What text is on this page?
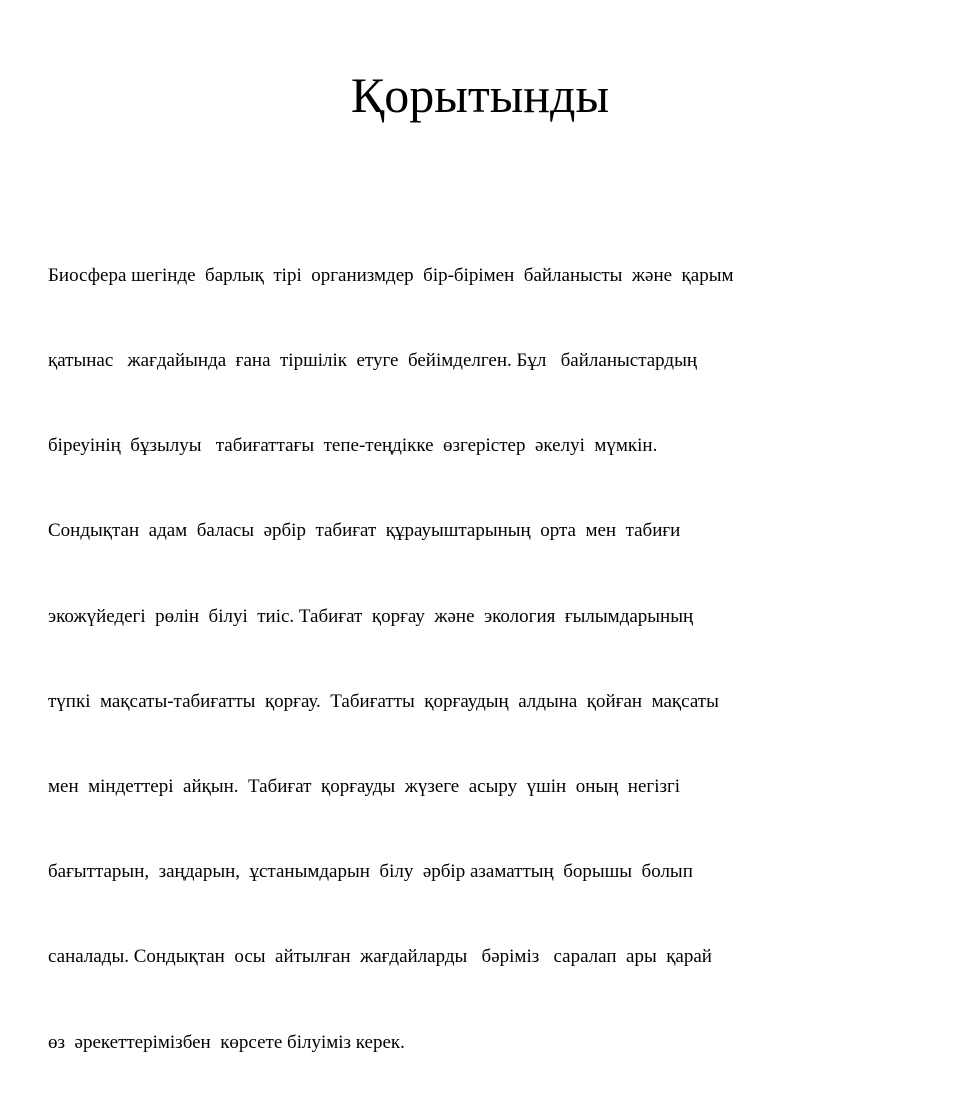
Қорытынды

Биосфера шегінде  барлық  тірі  организмдер  бір-бірімен  байланысты  және  қарым

қатынас   жағдайында  ғана  тіршілік  етуге  бейімделген. Бұл   байланыстардың

біреуінің  бұзылуы   табиғаттағы  тепе-теңдікке  өзгерістер  әкелуі  мүмкін.

Сондықтан  адам  баласы  әрбір  табиғат  құрауыштарының  орта  мен  табиғи

экожүйедегі  рөлін  білуі  тиіс. Табиғат  қорғау  және  экология  ғылымдарының

түпкі  мақсаты-табиғатты  қорғау.  Табиғатты  қорғаудың  алдына  қойған  мақсаты

мен  міндеттері  айқын.  Табиғат  қорғауды  жүзеге  асыру  үшін  оның  негізгі

бағыттарын,  заңдарын,  ұстанымдарын  білу  әрбір азаматтың  борышы  болып

саналады. Сондықтан  осы  айтылған  жағдайларды   бәріміз   саралап  ары  қарай

өз  әрекеттерімізбен  көрсете білуіміз керек.
